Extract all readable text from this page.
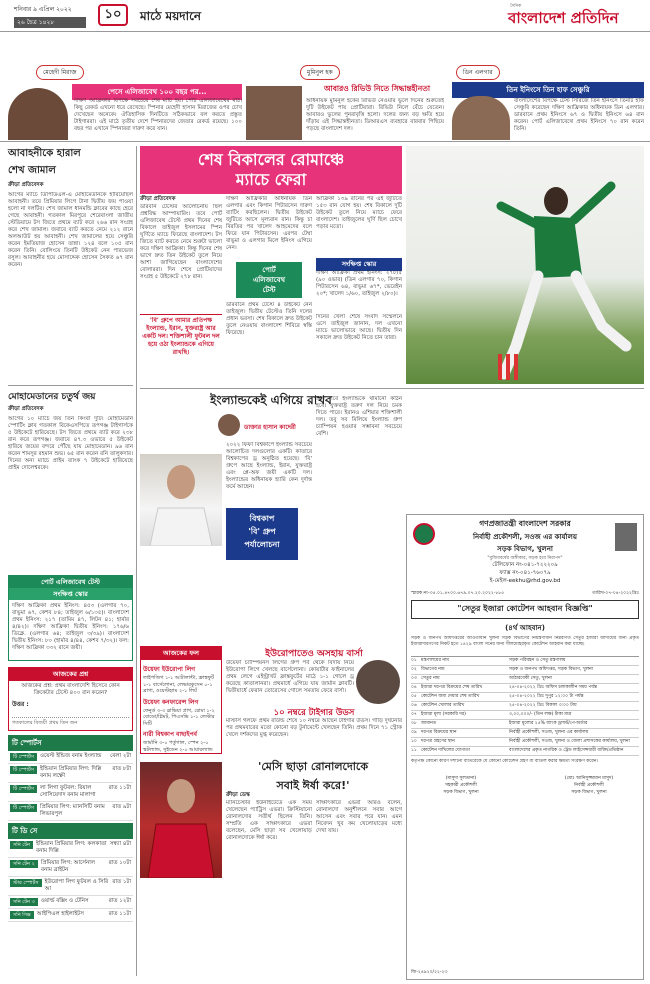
শনিবার ৯ এপ্রিল ২০২২
২৬ চৈত্র ১৪২৮
১০	মাঠে ময়দানে
দৈনিক
বাংলাদেশ প্রতিদিন
মেহেদী মিরাজ
পেসে এলিজাবেথ ১০০ বছর পর...
দক্ষিণ আফ্রিকার বিপক্ষে সবচেয়ে শেষ ম্যাচ হয়। পোর্ট এলিজাবেথের মাঠ। কিছু রেকর্ড এখনো ধরে রেখেছে। স্পিনার মেহেদী হাসান মিরাজের ওপর চোখ দেখেছেন অনেকে। ঐতিহাসিক দিনটিতে সঠিকভাবে বল করতে প্রস্তুত টাইগাররা। এই মাঠে তৃতীয় দেশে স্পিনারদের জেতার রেকর্ড রয়েছে। ১০০ বছর পর এখানে স্পিনাররা দারুণ করে যান।
মুমিনুল হক
আবারও রিভিউ নিতে সিদ্ধান্তহীনতা
অধিনায়ক মুমিনুল হকের রিভিউ নেওয়ার ভুলে দিনের শুরুতেই দুটি উইকেট পায় প্রোটিয়ারা। রিভিউ নিলে বেঁচে যেতেন। আবারও ভুলের পুনরাবৃত্তি হলো। দলের জন্য বড় ক্ষতি হয়ে দাঁড়ায় এই সিদ্ধান্তহীনতা। ডিআরএস ব্যবহারে বারবার পিছিয়ে পড়ছে বাংলাদেশ দল।
ডিন এলগার
তিন ইনিংসে তিন হাফ সেঞ্চুরি
বাংলাদেশের বিপক্ষে টেস্ট সিরিজে তিন ইনিংসে তিনটি হাফ সেঞ্চুরি করেছেন দক্ষিণ আফ্রিকার অধিনায়ক ডিন এলগার। ডারবানে প্রথম ইনিংসে ৬৭ ও দ্বিতীয় ইনিংসে ৬৪ রান করেন। পোর্ট এলিজাবেথে প্রথম ইনিংসে ৭০ রান করেন তিনি।
আবাহনীকে হারাল
শেখ জামাল
ক্রীড়া প্রতিবেদক
আগের ম্যাচে ডিপিডিএল-এ মোহামেডানকে হারিয়েছিল আবাহনী। তবে প্রিমিয়ার লিগে টানা দ্বিতীয় জয় পাওয়া হলো না দলটির। শেখ জামাল ধানমন্ডি ক্লাবের কাছে হেরে গেছে আবাহনী। গতকাল মিরপুরে শেরেবাংলা জাতীয় স্টেডিয়ামে টস জিতে প্রথমে ব্যাট করে ২৬৬ রান সংগ্রহ করে শেখ জামাল। জবাবে ব্যাট করতে নেমে ২১২ রানে অলআউট হয় আবাহনী। শেখ জামালের হয়ে সেঞ্চুরি করেন ইমতিয়াজ হোসেন তান্না। ১২৪ বলে ১০৫ রান করেন তিনি। বোলিংয়ে তিনটি উইকেট নেন পারভেজ রসুল। আবাহনীর হয়ে মোসাদ্দেক হোসেন সৈকত ৬৭ রান করেন।
মোহামেডানের চতুর্থ জয়
ক্রীড়া প্রতিবেদক
আগের ১০ ম্যাচে জয় তিন কিংবা দুটি। মোহামেডান স্পোর্টিং ক্লাব গতকাল বিকেএসপিতে রূপগঞ্জ টাইগার্সকে ৫ উইকেটে হারিয়েছে। টস জিতে প্রথমে ব্যাট করে ২৩৮ রান করে রূপগঞ্জ। জবাবে ৪৭.৩ ওভারে ৫ উইকেট হারিয়ে জয়ের বন্দরে পৌঁছে যায় মোহামেডান। ৯৬ রান করেন শামসুর রহমান শুভ। ৬৫ রান করেন রনি তালুকদার। দিনের অন্য ম্যাচে প্রাইম ব্যাংক ৭ উইকেটে হারিয়েছে প্রাইম দোলেশ্বরকে।
পোর্ট এলিজাবেথ টেস্ট
সংক্ষিপ্ত স্কোর
দক্ষিণ আফ্রিকা প্রথম ইনিংস: ৪৫৩ (এলগার ৭০, বাভুমা ৬৭, কেশব ৮৪; তাইজুল ৬/১৩৫)। বাংলাদেশ প্রথম ইনিংস: ২১৭ (তামিম ৪৭, লিটন ৪১; হার্মার ৪/৪২)। দক্ষিণ আফ্রিকা দ্বিতীয় ইনিংস: ১৭৬/৬ ডিক্লে. (এলগার ৬৪; তাইজুল ৩/৩৯)। বাংলাদেশ দ্বিতীয় ইনিংস: ৮০ (হার্মার ৪/৪৪, কেশব ৭/৩২)। ফল: দক্ষিণ আফ্রিকা ৩৩২ রানে জয়ী।
আজকের প্রশ্ন
আজকের প্রশ্ন: প্রথম বাংলাদেশি হিসেবে কোন ক্রিকেটার টেস্টে ৪০০ রান করেন?
উত্তর :
গতকালের বিজয়ী প্রথম তিন জন
টি স্পোর্টস
টি স্পোর্টস	ওয়েস্ট ইন্ডিজ বনাম ইংল্যান্ড	বেলা ২টা
টি স্পোর্টস	ইন্ডিয়ান প্রিমিয়ার লিগ: দিল্লি বনাম লক্ষ্ণৌ
রাত ৮টা
টি স্পোর্টস	লা লিগা ফুটবল: রিয়াল সোসিয়েদাদ বনাম মালাগা
রাত ১১টা
টি স্পোর্টস	প্রিমিয়ার লিগ: ম্যানসিটি বনাম লিভারপুল
রাত ৯টা
টি ডি সে
সনি টেন	ইন্ডিয়ান প্রিমিয়ার লিগ: কলকাতা বনাম দিল্লি
সন্ধ্যা ৪টা
সনি টেন ২	প্রিমিয়ার লিগ: আর্সেনাল বনাম ব্রাইটন
রাত ১০টা
স্টার স্পোর্টস	ইউরোপা লিগ ফুটবল ও সিরি আ
রাত ১টা
সনি টেন ৩	ওয়ার্ল্ড বক্সিং ও টেনিস	রাত ১২টা
সনি সিক্স	আইপিএল হাইলাইটস	রাত ১১টা
শেষ বিকালের রোমাঞ্চে
ম্যাচে ফেরা
ক্রীড়া প্রতিবেদক
ডারবান টেস্টের আলোচনায় ছিল প্রশ্নবিদ্ধ আম্পায়ারিং। তবে পোর্ট এলিজাবেথ টেস্টে প্রথম দিনের শেষ বিকালে তাইজুল ইসলামের স্পিন ঘূর্ণিতে ম্যাচে ফিরেছে বাংলাদেশ। টস জিতে ব্যাট করতে নেমে শুরুটা ভালো করে দক্ষিণ আফ্রিকা। কিন্তু দিনের শেষ ভাগে দ্রুত তিন উইকেট তুলে নিয়ে আশা জাগিয়েছেন বাংলাদেশের বোলাররা। দিন শেষে প্রোটিয়াদের সংগ্রহ ৫ উইকেটে ২৭৮ রান।
দক্ষিণ আফ্রিকার অধিনায়ক ডিন এলগার এবং কিগান পিটারসেন দারুণ ব্যাটিং করছিলেন। দ্বিতীয় উইকেট জুটিতে আসে মূল্যবান রান। কিন্তু চা বিরতির পর খালেদ আহমেদের বলে ফিরে যান পিটারসেন। এরপর টেম্বা বাভুমা ও এলগার মিলে ইনিংস এগিয়ে নেন।
পোর্ট
এলিজাবেথ
টেস্ট
আফ্রিকা ১৩৯ রানের পর এই জুটিতে ১৫৩ রান যোগ হয়। শেষ বিকালে দুটি উইকেট তুলে নিয়ে ম্যাচে ফেরে বাংলাদেশ। তাইজুলের ঘূর্ণি ছিল চোখে পড়ার মতো।
সংক্ষিপ্ত স্কোর
দক্ষিণ আফ্রিকা প্রথম ইনিংস: ২৭৮/৫ (৯০ ওভার) (ডিন এলগার ৭০, কিগান পিটারসেন ৬৪, বাভুমা ৬৭*, ভেরেইন ২০*; খালেদ ১/৬০, তাইজুল ২/৮০)।
ডারবানে প্রথম টেস্টে ৪ উইকেট নেন তাইজুল। দ্বিতীয় টেস্টেও তিনি দলের প্রধান ভরসা। শেষ বিকালে দ্রুত উইকেট তুলে নেওয়ায় বাংলাদেশ শিবিরে স্বস্তি ফিরেছে।
দিনের খেলা শেষে সংবাদ সম্মেলনে এসে তাইজুল জানান, দল এখনো ম্যাচে ভালোভাবে আছে। দ্বিতীয় দিন সকালে দ্রুত উইকেট নিতে চান তারা।
'বি' গ্রুপে আমার প্রতিপক্ষ ইংল্যান্ড, ইরান, যুক্তরাষ্ট্র আর একটি দল। শক্তিশালী ফুটবল দল হয়ে ওঠা ইংল্যান্ডকে এগিয়ে রাখছি।
ইংল্যান্ডকেই এগিয়ে রাখব
ডাক্তার হাসান কাদেরী
২০২২ ফিফা বিশ্বকাপে ইংল্যান্ড সবচেয়ে আলোচিত দলগুলোর একটি। কাতারে বিশ্বকাপের ড্র অনুষ্ঠিত হয়েছে। 'বি' গ্রুপে আছে ইংল্যান্ড, ইরান, যুক্তরাষ্ট্র এবং প্লে-অফ জয়ী একটি দল। ইংল্যান্ডের অধিনায়ক হ্যারি কেন দুর্দান্ত ফর্মে আছেন।
বিশ্বকাপ
'বি' গ্রুপ
পর্যালোচনা
গ্রুপ পর্বে ইংল্যান্ডকে থামানো কঠিন হবে। যুক্তরাষ্ট্র তরুণ দল নিয়ে চমক দিতে পারে। ইরানও এশিয়ার শক্তিশালী দল। তবু সব মিলিয়ে ইংল্যান্ড গ্রুপ চ্যাম্পিয়ন হওয়ার সম্ভাবনা সবচেয়ে বেশি।
গণপ্রজাতন্ত্রী বাংলাদেশ সরকার
নির্বাহী প্রকৌশলী, সওজ এর কার্যালয়
সড়ক বিভাগ, খুলনা
"মুজিববর্ষের অঙ্গীকার, সড়ক হবে নিরাপদ"
টেলিফোন নং-০৪১-৭২২২০৯
ফ্যাক্স নং-০৪১-৭৬০৭৯
ই-মেইল-eekhu@rhd.gov.bd
স্মারক নং-৩৫.০১.৪৭০০.৬৭৯.০৭.২০.২০২২-৮৮৫	তারিখ-০৭-০৪-২০২২খ্রিঃ
"সেতুর ইজারা কোটেশন আহবান বিজ্ঞপ্তি"
(৪র্থ আহবান)
সড়ক ও জনপথ অধিদপ্তরের আওতাধীন খুলনা সড়ক বিভাগের নিয়ন্ত্রণাধীন নিম্নবর্ণিত সেতুর ইজারা আদায়ের জন্য প্রকৃত ইজারাদারগণের নিকট হতে ১৪২৯ বাংলা সনের জন্য সীলমোহরকৃত কোটেশন আহবান করা যাচ্ছে।
০১ মন্ত্রণালয়ের নাম	সড়ক পরিবহন ও সেতু মন্ত্রণালয়
০২ বিভাগের নাম	সড়ক ও জনপথ অধিদপ্তর, সড়ক বিভাগ, খুলনা
০৩ সেতুর নাম	আঠারবেকী সেতু, খুলনা
০৪ ইজারা দরপত্র বিক্রয়ের শেষ তারিখ	২৪-০৪-২০২২ খ্রিঃ অফিস চলাকালীন সময় পর্যন্ত
০৫ কোটেশন জমা দেয়ার শেষ তারিখ	২৫-০৪-২০২২ খ্রিঃ দুপুর ১২:০০ টা পর্যন্ত
০৬ কোটেশন খোলার তারিখ	২৫-০৪-২০২২ খ্রিঃ বিকাল ৩:০০ টায়
০৭ ইজারা মূল্য (সরকারি দর)	৩,০০,০০০/- (তিন লক্ষ) টাকা মাত্র
০৮ জামানত	ইজারা মূল্যের ২৫% ব্যাংক ড্রাফট/পে-অর্ডার
০৯ দরপত্র বিক্রয়ের স্থান	নির্বাহী প্রকৌশলী, সওজ, খুলনা এর কার্যালয়
১০ দরপত্র গ্রহণের স্থান	নির্বাহী প্রকৌশলী, সওজ, খুলনা ও জেলা প্রশাসকের কার্যালয়, খুলনা
১১ কোটেশন দাখিলের যোগ্যতা	বাংলাদেশের প্রকৃত নাগরিক ও ট্রেড লাইসেন্সধারী ব্যক্তি/প্রতিষ্ঠান
কর্তৃপক্ষ কোনো কারণ দর্শানো ব্যতিরেকে যে কোনো কোটেশন গ্রহণ বা বাতিল করার ক্ষমতা সংরক্ষণ করেন।
(মাসুদা সুলতানা)
সহকারী প্রকৌশলী
সড়ক বিভাগ, খুলনা
(মোঃ আনিসুজ্জামান মাসুদ)
নির্বাহী প্রকৌশলী
সড়ক বিভাগ, খুলনা
জি-২৪৯২০/২২-২৩
আজকের ফল
উয়েফা ইউরোপা লিগ
লাইপজিগ ১-১ আটালান্টা, ফ্রাঙ্কফুর্ট ১-১ বার্সেলোনা, লেভারকুসেন ০-১ ব্রাগা, ওয়েস্টহ্যাম ২-১ লিয়ঁ
উয়েফা কনফারেন্স লিগ
ফেনুর্ড ৩-৩ স্লাভিয়া প্রাগ, রোমা ১-২ বোডো/গ্লিমট, পিএসভি ১-১ লেস্টার সিটি
নারী বিশ্বকাপ বাছাইপর্ব
জার্মানি ৩-০ পর্তুগাল, স্পেন ২-০ স্কটল্যান্ড, সুইডেন ২-০ আয়ারল্যান্ড
ইউরোপাতেও অসহায় বার্সা
উয়েফা চ্যাম্পিয়নস লিগের গ্রুপ পর্ব থেকে বিদায় নিয়ে ইউরোপা লিগে খেলছে বার্সেলোনা। কোয়ার্টার ফাইনালের প্রথম লেগে এইন্ট্রাখট ফ্রাঙ্কফুর্টের মাঠে ১-১ গোলে ড্র করেছে কাতালানরা। প্রথমার্ধে এগিয়ে যায় জার্মান ক্লাবটি। দ্বিতীয়ার্ধে ফেরান তোরেসের গোলে সমতায় ফেরে বার্সা।
১০ নম্বরে টাইগার উডস
মাস্টার্স গলফে প্রথম রাউন্ড শেষে ১০ নম্বরে আছেন টাইগার উডস। গাড়ি দুর্ঘটনার পর প্রথমবারের মতো কোনো বড় টুর্নামেন্টে খেলছেন তিনি। প্রথম দিনে ৭১ স্ট্রোক খেলে দর্শকদের মুগ্ধ করেছেন।
'মেসি ছাড়া রোনালদোকে
সবাই ঈর্ষা করে!'
ক্রীড়া ডেস্ক
ম্যানচেস্টার ইউনাইটেডে এক সময় খেলেছেন প্যাট্রিস এভরা। ক্রিস্টিয়ানো রোনালদোর সতীর্থ ছিলেন তিনি। সম্প্রতি এক সাক্ষাৎকারে এভরা বলেছেন, মেসি ছাড়া সব খেলোয়াড় রোনালদোকে ঈর্ষা করে।
সাক্ষাৎকারে এভরা আরও বলেন, রোনালদো অনুশীলনে সবার আগে আসেন এবং সবার পরে যান। এমন নিবেদন খুব কম খেলোয়াড়ের মধ্যে দেখা যায়।
